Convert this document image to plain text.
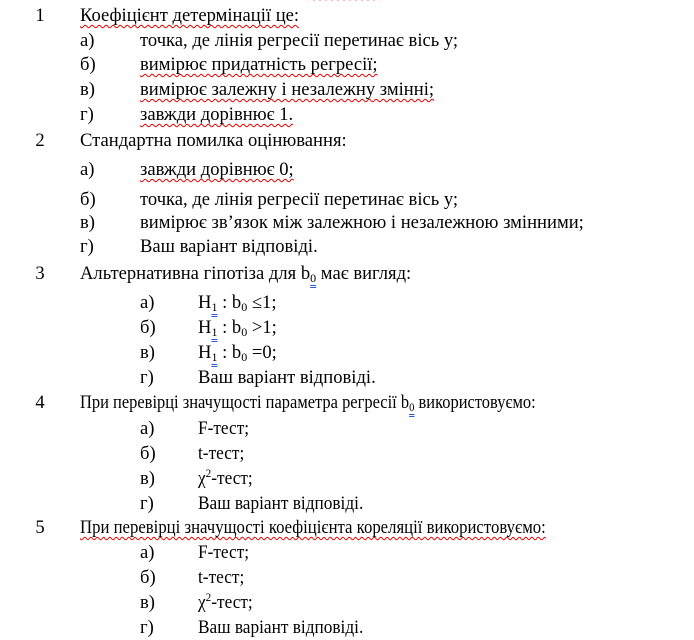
1 Коефіцієнт детермінації це:
а) точка, де лінія регресії перетинає вісь у;
б) вимірює придатність регресії;
в) вимірює залежну і незалежну змінні;
г) завжди дорівнює 1.
2 Стандартна помилка оцінювання:
а) завжди дорівнює 0;
б) точка, де лінія регресії перетинає вісь у;
в) вимірює зв’язок між залежною і незалежною змінними;
г) Ваш варіант відповіді.
3 Альтернативна гіпотіза для $b_0$ має вигляд:
а) $H_1$ : $b_0 \le 1$;
б) $H_1$ : $b_0 >1$;
в) $H_1$ : $b_0 =0$;
г) Ваш варіант відповіді.
4 При перевірці значущості параметра регресії $b_0$ використовуємо:
а) F-тест;
б) t-тест;
в) $\chi^2$-тест;
г) Ваш варіант відповіді.
5 При перевірці значущості коефіцієнта кореляції використовуємо:
а) F-тест;
б) t-тест;
в) $\chi^2$-тест;
г) Ваш варіант відповіді.
